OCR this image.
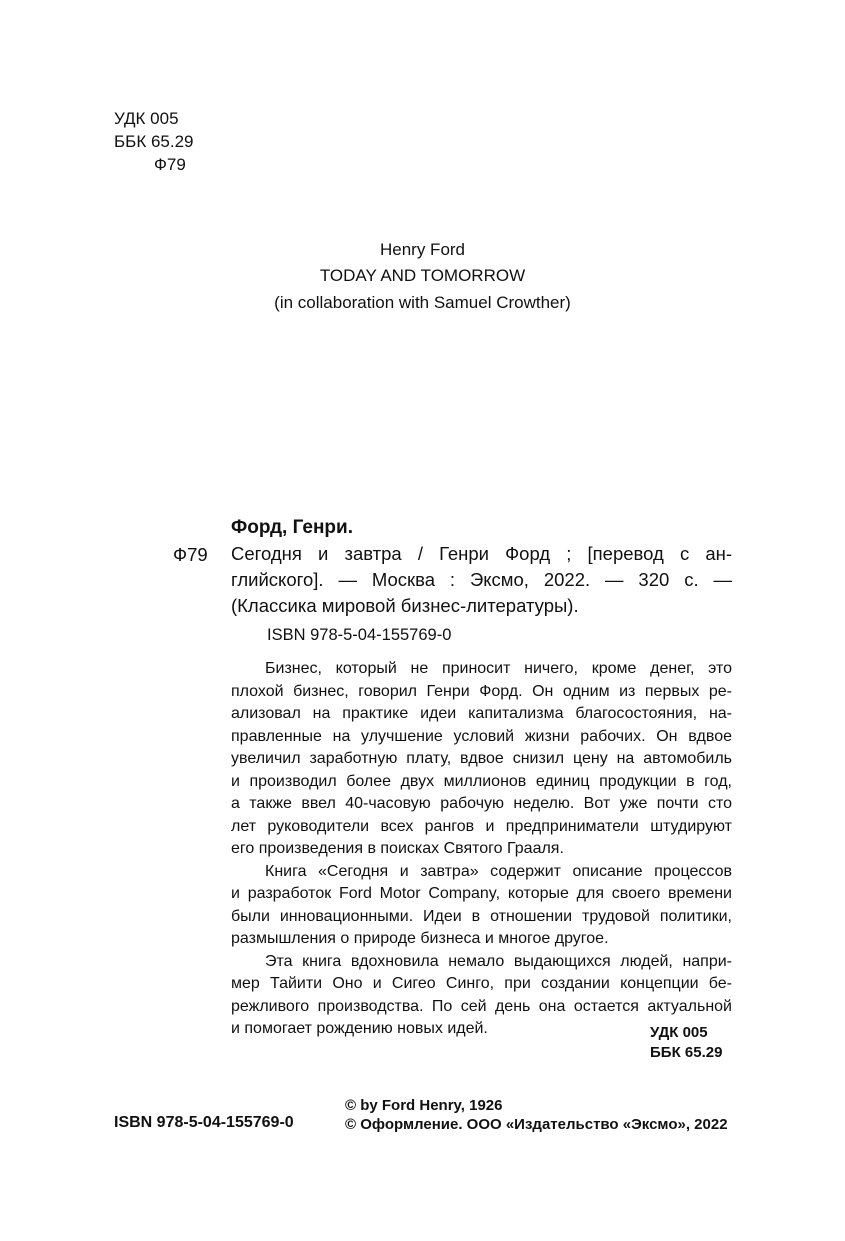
УДК 005
ББК 65.29
Ф79
Henry Ford
TODAY AND TOMORROW
(in collaboration with Samuel Crowther)
Форд, Генри.
Ф79 Сегодня и завтра / Генри Форд ; [перевод с ан-
глийского]. — Москва : Эксмо, 2022. — 320 с. —
(Классика мировой бизнес-литературы).
ISBN 978-5-04-155769-0

Бизнес, который не приносит ничего, кроме денег, это
плохой бизнес, говорил Генри Форд. Он одним из первых ре-
ализовал на практике идеи капитализма благосостояния, на-
правленные на улучшение условий жизни рабочих. Он вдвое
увеличил заработную плату, вдвое снизил цену на автомобиль
и производил более двух миллионов единиц продукции в год,
а также ввел 40-часовую рабочую неделю. Вот уже почти сто
лет руководители всех рангов и предприниматели штудируют
его произведения в поисках Святого Грааля.

Книга «Сегодня и завтра» содержит описание процессов
и разработок Ford Motor Company, которые для своего времени
были инновационными. Идеи в отношении трудовой политики,
размышления о природе бизнеса и многое другое.

Эта книга вдохновила немало выдающихся людей, напри-
мер Тайити Оно и Сигео Синго, при создании концепции бе-
режливого производства. По сей день она остается актуальной
и помогает рождению новых идей.	УДК 005
ББК 65.29
© by Ford Henry, 1926
ISBN 978-5-04-155769-0	© Оформление. ООО «Издательство «Эксмо», 2022
